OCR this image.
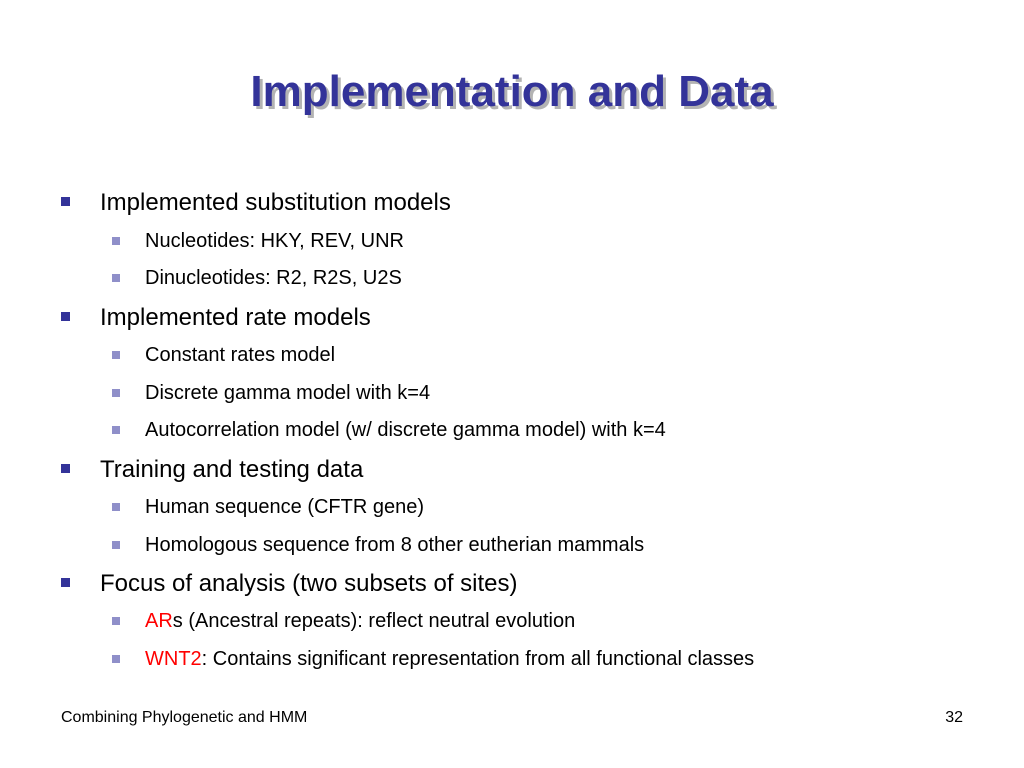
Implementation and Data
Implemented substitution models
Nucleotides: HKY, REV, UNR
Dinucleotides: R2, R2S, U2S
Implemented rate models
Constant rates model
Discrete gamma model with k=4
Autocorrelation model (w/ discrete gamma model) with k=4
Training and testing data
Human sequence (CFTR gene)
Homologous sequence from 8 other eutherian mammals
Focus of analysis (two subsets of sites)
ARs (Ancestral repeats): reflect neutral evolution
WNT2: Contains significant representation from all functional classes
Combining Phylogenetic and HMM	32
